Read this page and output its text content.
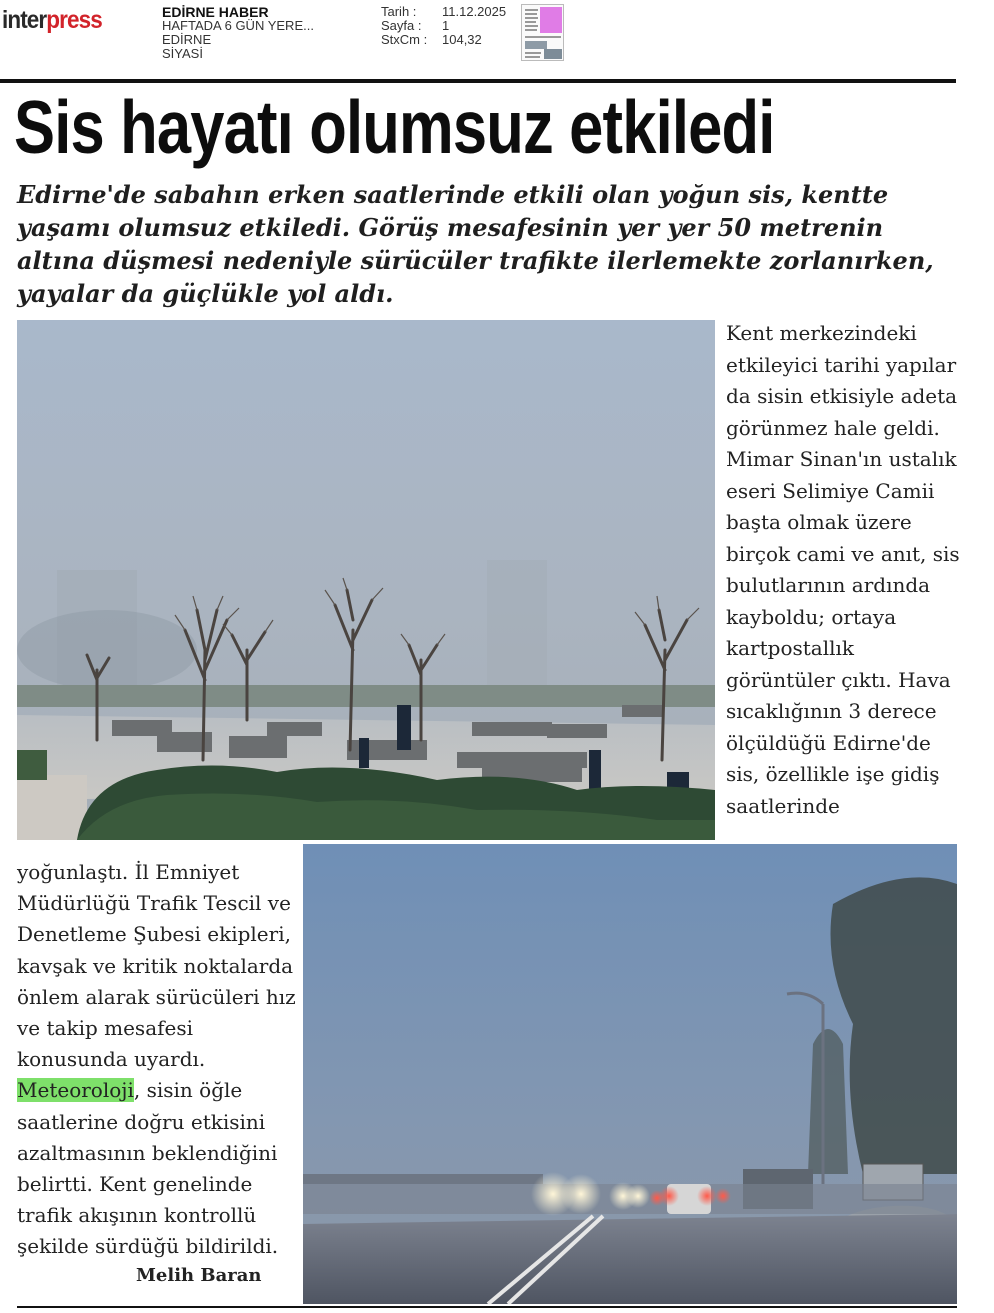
interpress	EDİRNE HABER
HAFTADA 6 GÜN YERE...
EDİRNE
SİYASİ
Tarih :	11.12.2025
Sayfa :	1
StxCm :	104,32
Sis hayatı olumsuz etkiledi

Edirne'de sabahın erken saatlerinde etkili olan yoğun sis, kentte yaşamı olumsuz etkiledi. Görüş mesafesinin yer yer 50 metrenin altına düşmesi nedeniyle sürücüler trafikte ilerlemekte zorlanırken, yayalar da güçlükle yol aldı.

Kent merkezindeki etkileyici tarihi yapılar da sisin etkisiyle adeta görünmez hale geldi. Mimar Sinan'ın ustalık eseri Selimiye Camii başta olmak üzere birçok cami ve anıt, sis bulutlarının ardında kayboldu; ortaya kartpostallık görüntüler çıktı. Hava sıcaklığının 3 derece ölçüldüğü Edirne'de sis, özellikle işe gidiş saatlerinde
yoğunlaştı. İl Emniyet Müdürlüğü Trafik Tescil ve Denetleme Şubesi ekipleri, kavşak ve kritik noktalarda önlem alarak sürücüleri hız ve takip mesafesi konusunda uyardı.
Meteoroloji, sisin öğle saatlerine doğru etkisini azaltmasının beklendiğini belirtti. Kent genelinde trafik akışının kontrollü şekilde sürdüğü bildirildi.
Melih Baran
